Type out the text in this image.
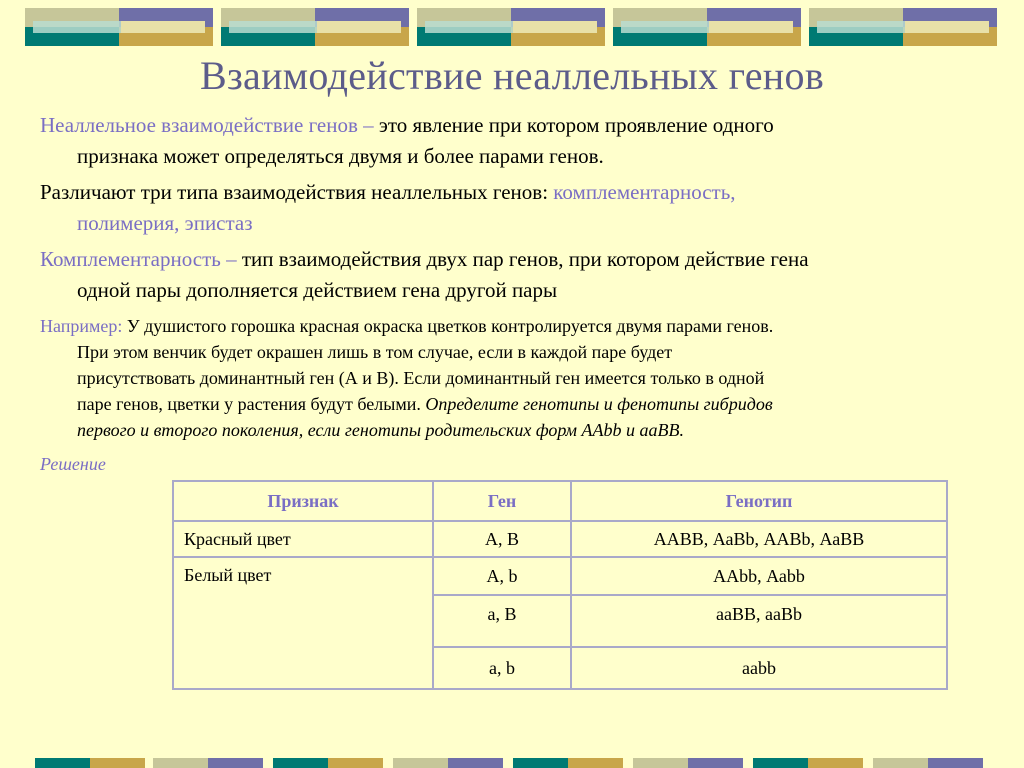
Взаимодействие неаллельных генов
Неаллельное взаимодействие генов – это явление при котором проявление одного
признака может определяться двумя и более парами генов.
Различают три типа взаимодействия неаллельных генов: комплементарность,
полимерия, эпистаз
Комплементарность – тип взаимодействия двух пар генов, при котором действие гена
одной пары дополняется действием гена другой пары
Например: У душистого горошка красная окраска цветков контролируется двумя парами генов.
При этом венчик будет окрашен лишь в том случае, если в каждой паре будет
присутствовать доминантный ген (А и В). Если доминантный ген имеется только в одной
паре генов, цветки у растения будут белыми. Определите генотипы и фенотипы гибридов
первого и второго поколения, если генотипы родительских форм ААbb и ааВВ.
Решение
Признак	Ген	Генотип
Красный цвет	А, В	ААВВ, АаВb, ААВb, АаВВ
Белый цвет	А, b	ААbb, Ааbb
	а, В	ааВВ, ааВb
	а, b	ааbb
